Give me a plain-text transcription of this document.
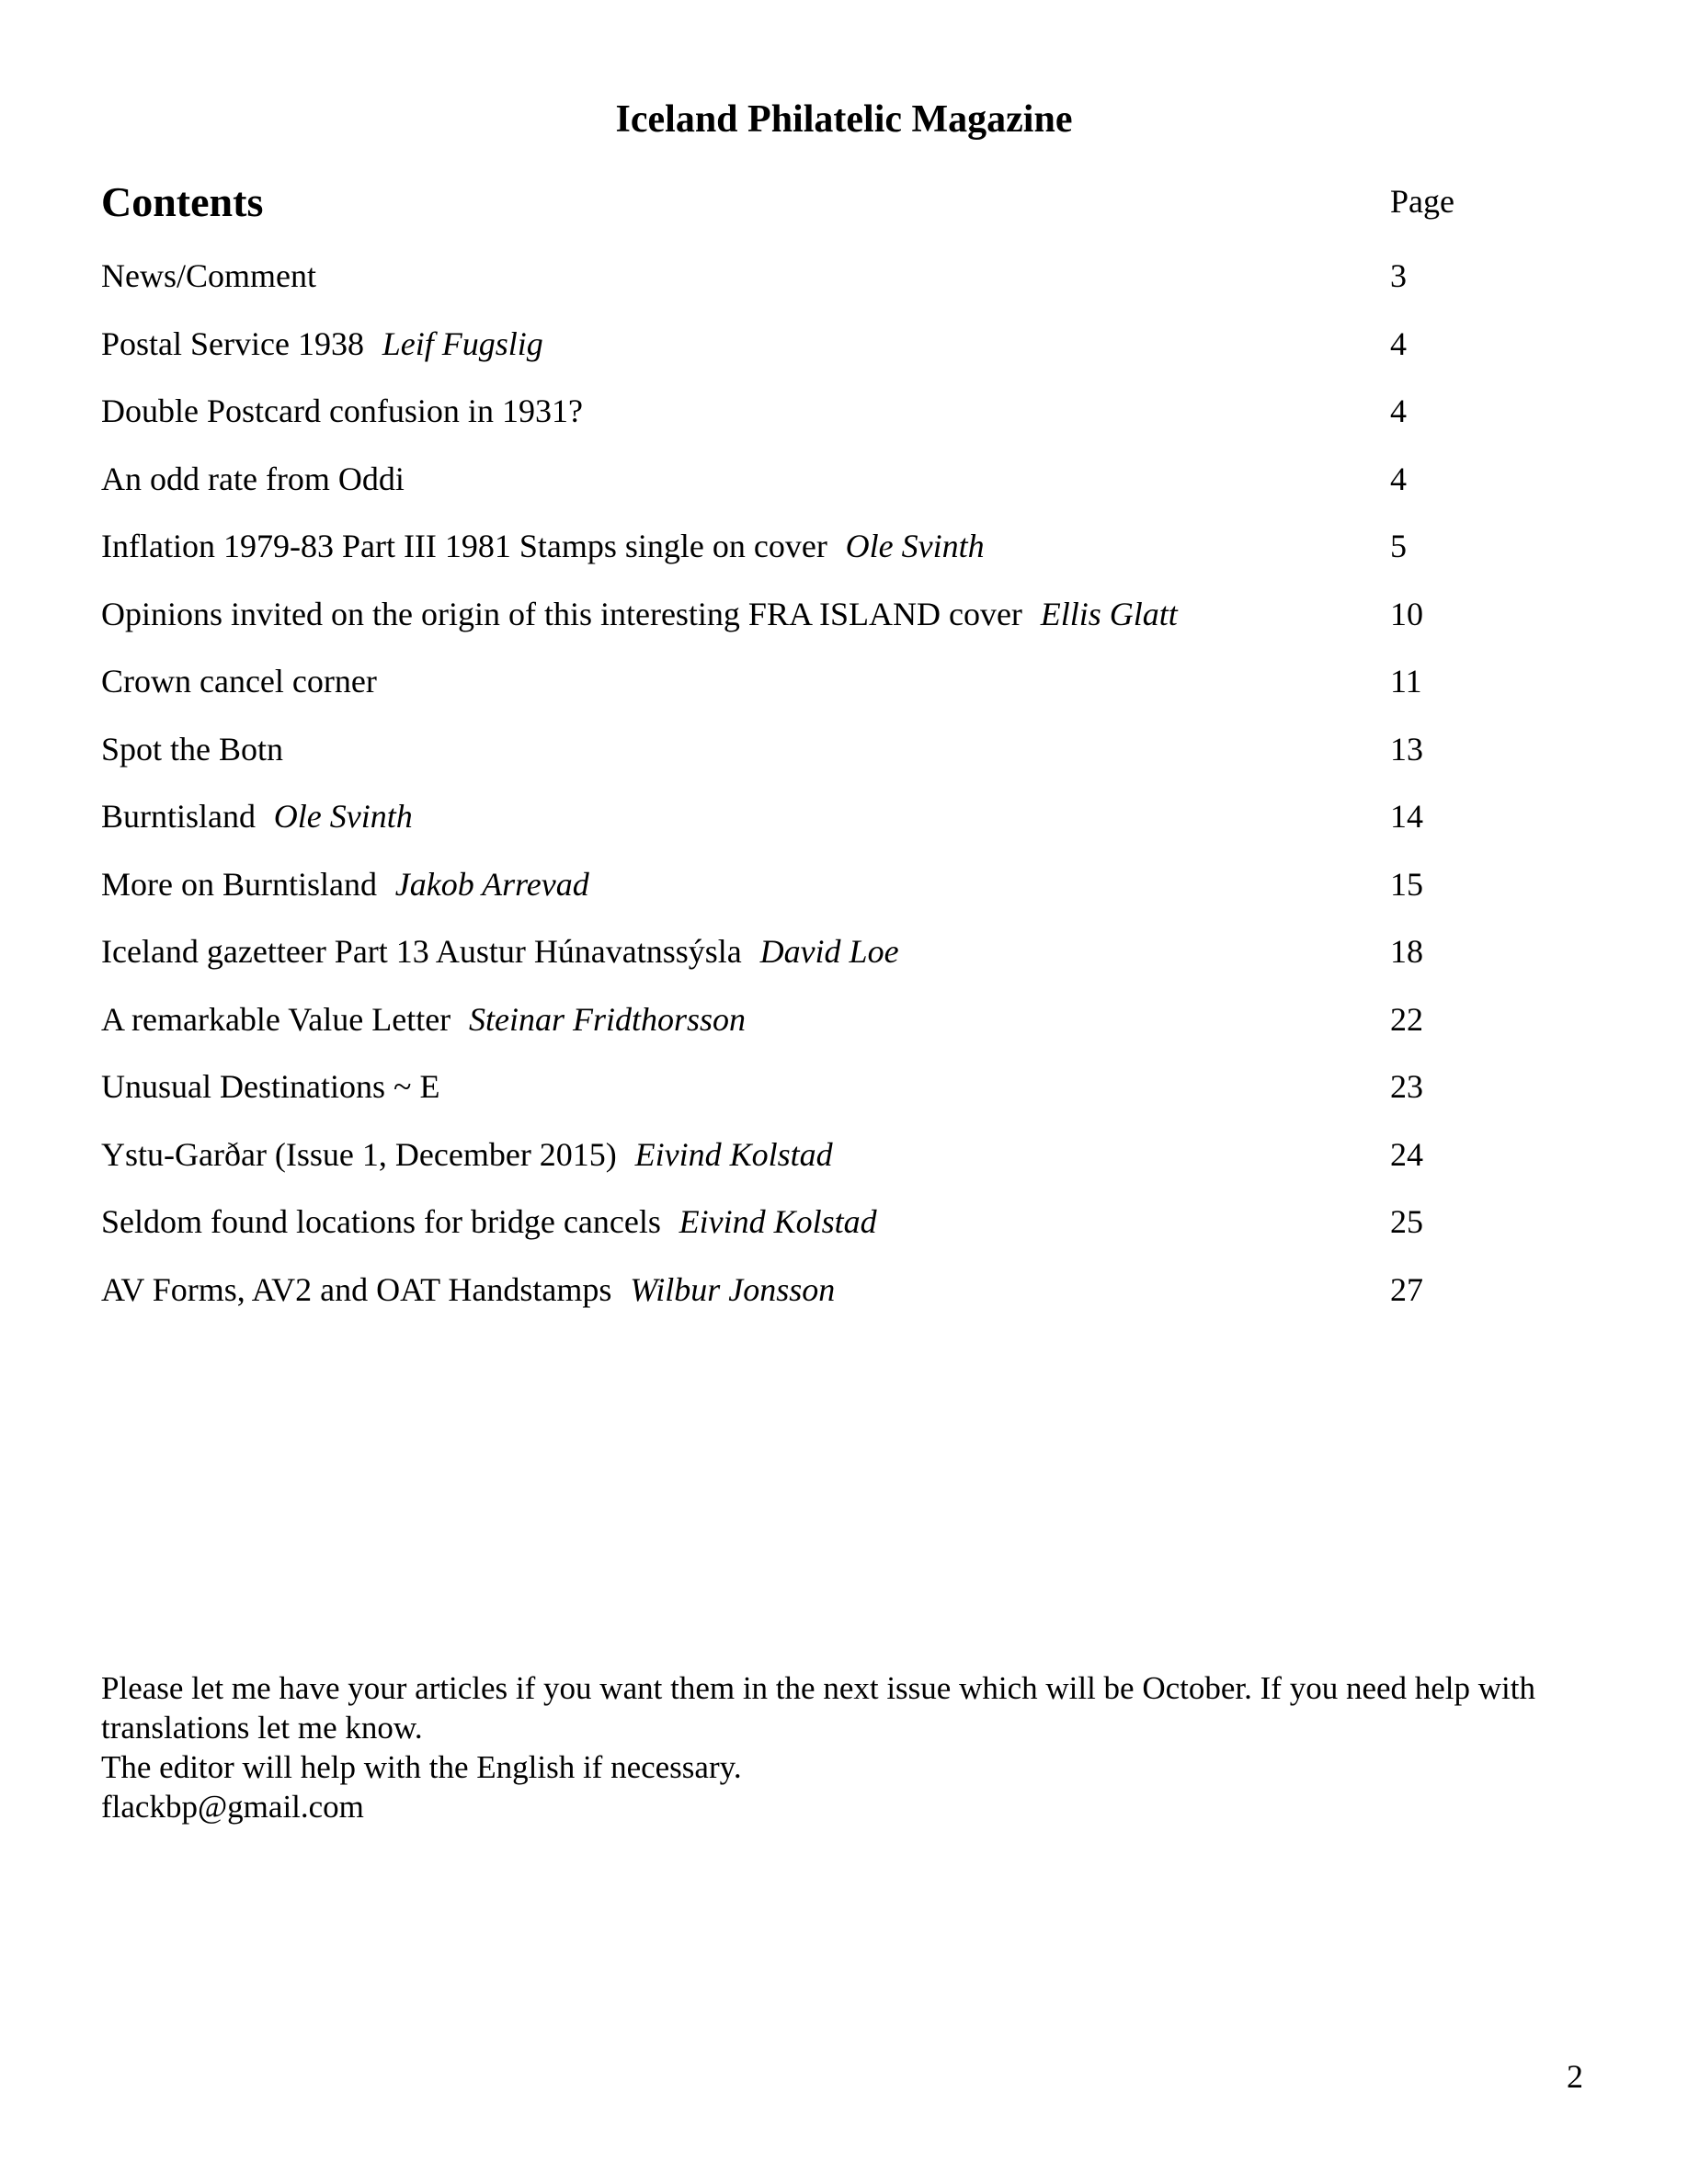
Iceland Philatelic Magazine
Contents	Page
News/Comment	3
Postal Service 1938 Leif Fugslig	4
Double Postcard confusion in 1931?	4
An odd rate from Oddi	4
Inflation 1979-83 Part III 1981 Stamps single on cover Ole Svinth	5
Opinions invited on the origin of this interesting FRA ISLAND cover Ellis Glatt	10
Crown cancel corner	11
Spot the Botn	13
Burntisland Ole Svinth	14
More on Burntisland Jakob Arrevad	15
Iceland gazetteer Part 13 Austur Húnavatnssýsla David Loe	18
A remarkable Value Letter Steinar Fridthorsson	22
Unusual Destinations ~ E	23
Ystu-Garðar (Issue 1, December 2015) Eivind Kolstad	24
Seldom found locations for bridge cancels Eivind Kolstad	25
AV Forms, AV2 and OAT Handstamps Wilbur Jonsson	27
Please let me have your articles if you want them in the next issue which will be October. If you need help with
translations let me know.
The editor will help with the English if necessary.
flackbp@gmail.com
2
